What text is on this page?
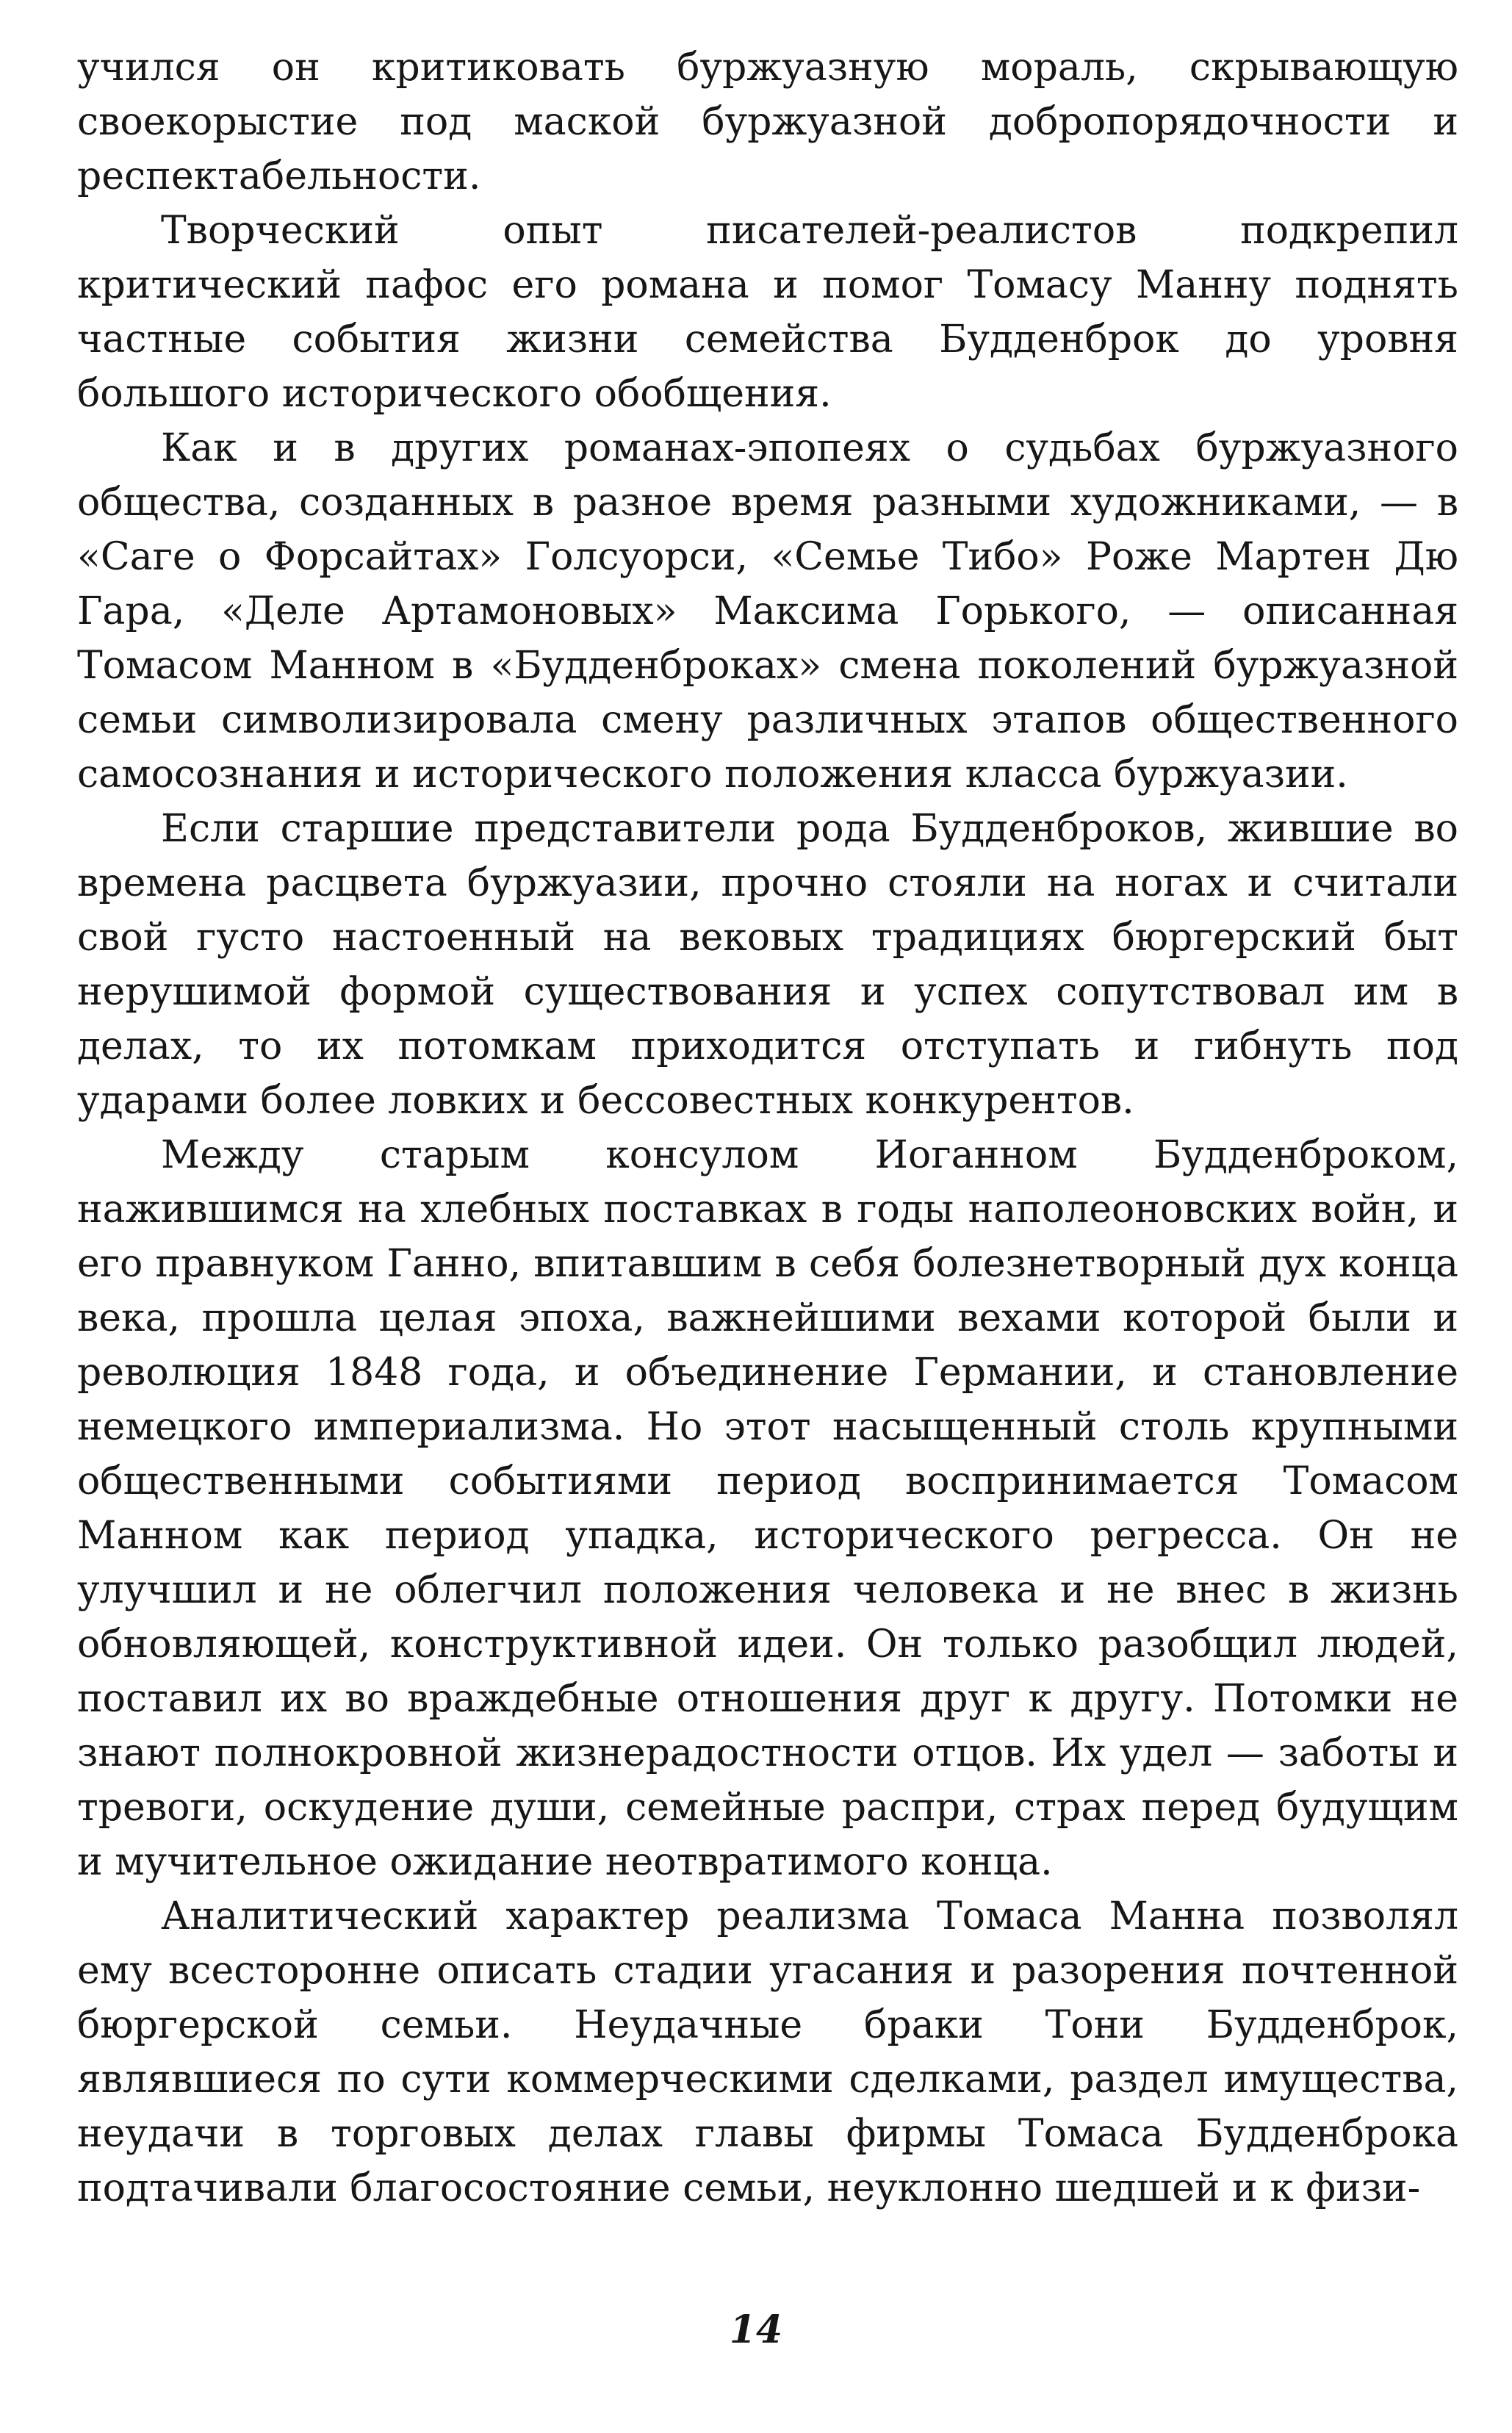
учился он критиковать буржуазную мораль, скрывающую своекорыстие под маской буржуазной добропорядочности и респектабельности.

Творческий опыт писателей-реалистов подкрепил критический пафос его романа и помог Томасу Манну поднять частные события жизни семейства Будденброк до уровня большого исторического обобщения.

Как и в других романах-эпопеях о судьбах буржуазного общества, созданных в разное время разными художниками, — в «Саге о Форсайтах» Голсуорси, «Семье Тибо» Роже Мартен Дю Гара, «Деле Артамоновых» Максима Горького, — описанная Томасом Манном в «Будденброках» смена поколений буржуазной семьи символизировала смену различных этапов общественного самосознания и исторического положения класса буржуазии.

Если старшие представители рода Будденброков, жившие во времена расцвета буржуазии, прочно стояли на ногах и считали свой густо настоенный на вековых традициях бюргерский быт нерушимой формой существования и успех сопутствовал им в делах, то их потомкам приходится отступать и гибнуть под ударами более ловких и бессовестных конкурентов.

Между старым консулом Иоганном Будденброком, нажившимся на хлебных поставках в годы наполеоновских войн, и его правнуком Ганно, впитавшим в себя болезнетворный дух конца века, прошла целая эпоха, важнейшими вехами которой были и революция 1848 года, и объединение Германии, и становление немецкого империализма. Но этот насыщенный столь крупными общественными событиями период воспринимается Томасом Манном как период упадка, исторического регресса. Он не улучшил и не облегчил положения человека и не внес в жизнь обновляющей, конструктивной идеи. Он только разобщил людей, поставил их во враждебные отношения друг к другу. Потомки не знают полнокровной жизнерадостности отцов. Их удел — заботы и тревоги, оскудение души, семейные распри, страх перед будущим и мучительное ожидание неотвратимого конца.

Аналитический характер реализма Томаса Манна позволял ему всесторонне описать стадии угасания и разорения почтенной бюргерской семьи. Неудачные браки Тони Будденброк, являвшиеся по сути коммерческими сделками, раздел имущества, неудачи в торговых делах главы фирмы Томаса Будденброка подтачивали благосостояние семьи, неуклонно шедшей и к физи-

14
